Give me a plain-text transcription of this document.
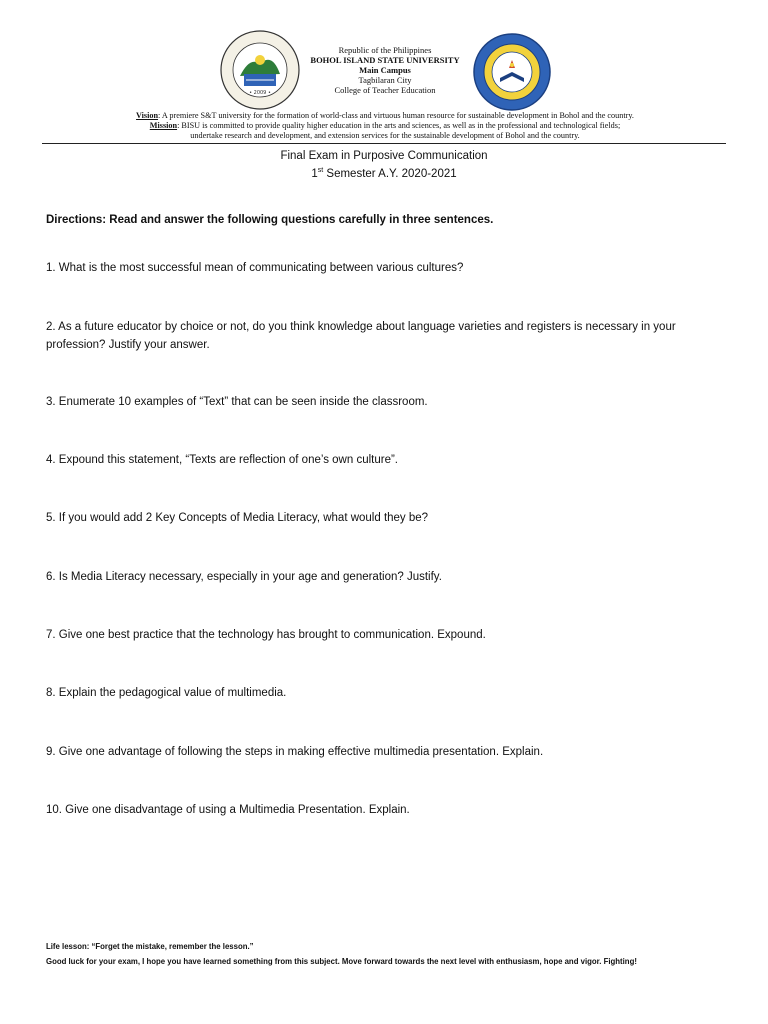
• 2009 •
Republic of the Philippines
BOHOL ISLAND STATE UNIVERSITY
Main Campus
Tagbilaran City
College of Teacher Education
Vision: A premiere S&T university for the formation of world-class and virtuous human resource for sustainable development in Bohol and the country.
Mission: BISU is committed to provide quality higher education in the arts and sciences, as well as in the professional and technological fields;
undertake research and development, and extension services for the sustainable development of Bohol and the country.
Final Exam in Purposive Communication
1st Semester A.Y. 2020-2021
Directions: Read and answer the following questions carefully in three sentences.
1. What is the most successful mean of communicating between various cultures?
2. As a future educator by choice or not, do you think knowledge about language varieties and registers is necessary in your profession? Justify your answer.
3. Enumerate 10 examples of “Text” that can be seen inside the classroom.
4. Expound this statement, “Texts are reflection of one’s own culture”.
5. If you would add 2 Key Concepts of Media Literacy, what would they be?
6. Is Media Literacy necessary, especially in your age and generation? Justify.
7. Give one best practice that the technology has brought to communication. Expound.
8. Explain the pedagogical value of multimedia.
9. Give one advantage of following the steps in making effective multimedia presentation. Explain.
10. Give one disadvantage of using a Multimedia Presentation. Explain.
Life lesson: “Forget the mistake, remember the lesson.”
Good luck for your exam, I hope you have learned something from this subject. Move forward towards the next level with enthusiasm, hope and vigor. Fighting!
